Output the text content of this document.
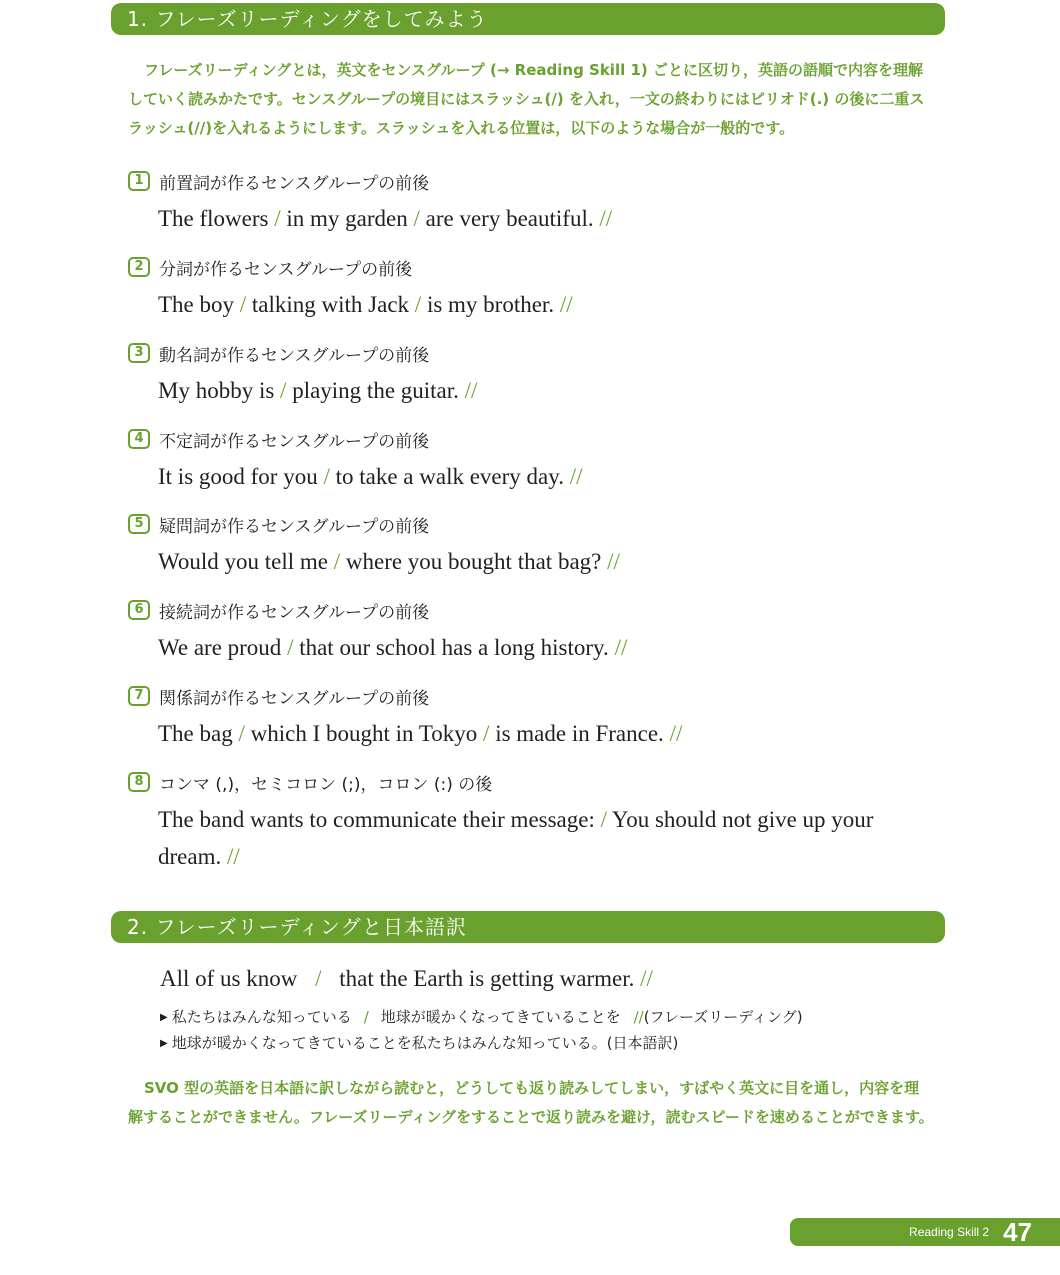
1. フレーズリーディングをしてみよう

フレーズリーディングとは，英文をセンスグループ (→ Reading Skill 1) ごとに区切り，英語の語順で内容を理解していく読みかたです。センスグループの境目にはスラッシュ(/) を入れ，一文の終わりにはピリオド(.) の後に二重スラッシュ(//)を入れるようにします。スラッシュを入れる位置は，以下のような場合が一般的です。

1 前置詞が作るセンスグループの前後
The flowers / in my garden / are very beautiful. //
2 分詞が作るセンスグループの前後
The boy / talking with Jack / is my brother. //
3 動名詞が作るセンスグループの前後
My hobby is / playing the guitar. //
4 不定詞が作るセンスグループの前後
It is good for you / to take a walk every day. //
5 疑問詞が作るセンスグループの前後
Would you tell me / where you bought that bag? //
6 接続詞が作るセンスグループの前後
We are proud / that our school has a long history. //
7 関係詞が作るセンスグループの前後
The bag / which I bought in Tokyo / is made in France. //
8 コンマ (,)，セミコロン (;)，コロン (:) の後
The band wants to communicate their message: / You should not give up your dream. //
2. フレーズリーディングと日本語訳
All of us know / that the Earth is getting warmer. //
▶ 私たちはみんな知っている / 地球が暖かくなってきていることを //(フレーズリーディング)
▶ 地球が暖かくなってきていることを私たちはみんな知っている。(日本語訳)

SVO 型の英語を日本語に訳しながら読むと，どうしても返り読みしてしまい，すばやく英文に目を通し，内容を理解することができません。フレーズリーディングをすることで返り読みを避け，読むスピードを速めることができます。

Reading Skill 2 47
